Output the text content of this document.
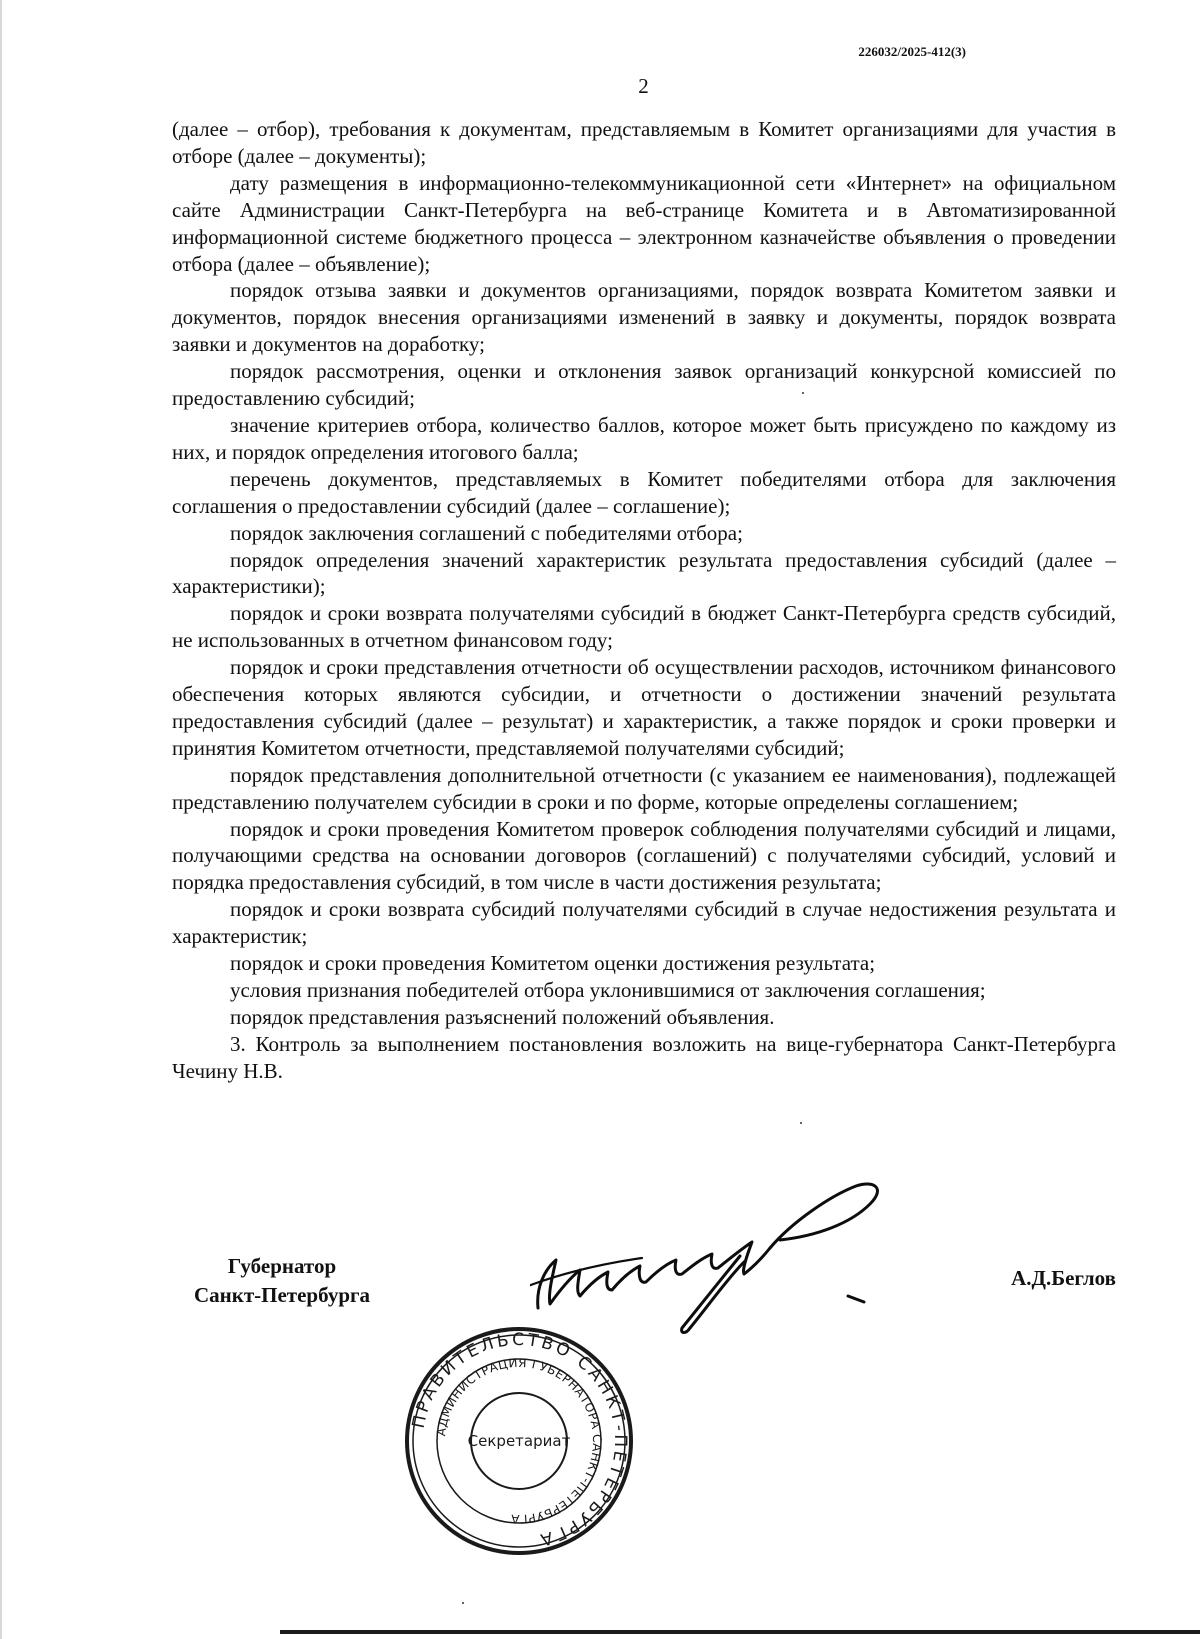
226032/2025-412(3)
2

(далее – отбор), требования к документам, представляемым в Комитет организациями для участия в отборе (далее – документы);

дату размещения в информационно-телекоммуникационной сети «Интернет» на официальном сайте Администрации Санкт-Петербурга на веб-странице Комитета и в Автоматизированной информационной системе бюджетного процесса – электронном казначействе объявления о проведении отбора (далее – объявление);

порядок отзыва заявки и документов организациями, порядок возврата Комитетом заявки и документов, порядок внесения организациями изменений в заявку и документы, порядок возврата заявки и документов на доработку;

порядок рассмотрения, оценки и отклонения заявок организаций конкурсной комиссией по предоставлению субсидий;

значение критериев отбора, количество баллов, которое может быть присуждено по каждому из них, и порядок определения итогового балла;

перечень документов, представляемых в Комитет победителями отбора для заключения соглашения о предоставлении субсидий (далее – соглашение);

порядок заключения соглашений с победителями отбора;

порядок определения значений характеристик результата предоставления субсидий (далее – характеристики);

порядок и сроки возврата получателями субсидий в бюджет Санкт-Петербурга средств субсидий, не использованных в отчетном финансовом году;

порядок и сроки представления отчетности об осуществлении расходов, источником финансового обеспечения которых являются субсидии, и отчетности о достижении значений результата предоставления субсидий (далее – результат) и характеристик, а также порядок и сроки проверки и принятия Комитетом отчетности, представляемой получателями субсидий;

порядок представления дополнительной отчетности (с указанием ее наименования), подлежащей представлению получателем субсидии в сроки и по форме, которые определены соглашением;

порядок и сроки проведения Комитетом проверок соблюдения получателями субсидий и лицами, получающими средства на основании договоров (соглашений) с получателями субсидий, условий и порядка предоставления субсидий, в том числе в части достижения результата;

порядок и сроки возврата субсидий получателями субсидий в случае недостижения результата и характеристик;

порядок и сроки проведения Комитетом оценки достижения результата;

условия признания победителей отбора уклонившимися от заключения соглашения;

порядок представления разъяснений положений объявления.

3. Контроль за выполнением постановления возложить на вице-губернатора Санкт-Петербурга Чечину Н.В.

Губернатор
Санкт-Петербурга
А.Д.Беглов
ПРАВИТЕЛЬСТВО САНКТ-ПЕТЕРБУРГА
АДМИНИСТРАЦИЯ ГУБЕРНАТОРА САНКТ-ПЕТЕРБУРГА
Секретариат
